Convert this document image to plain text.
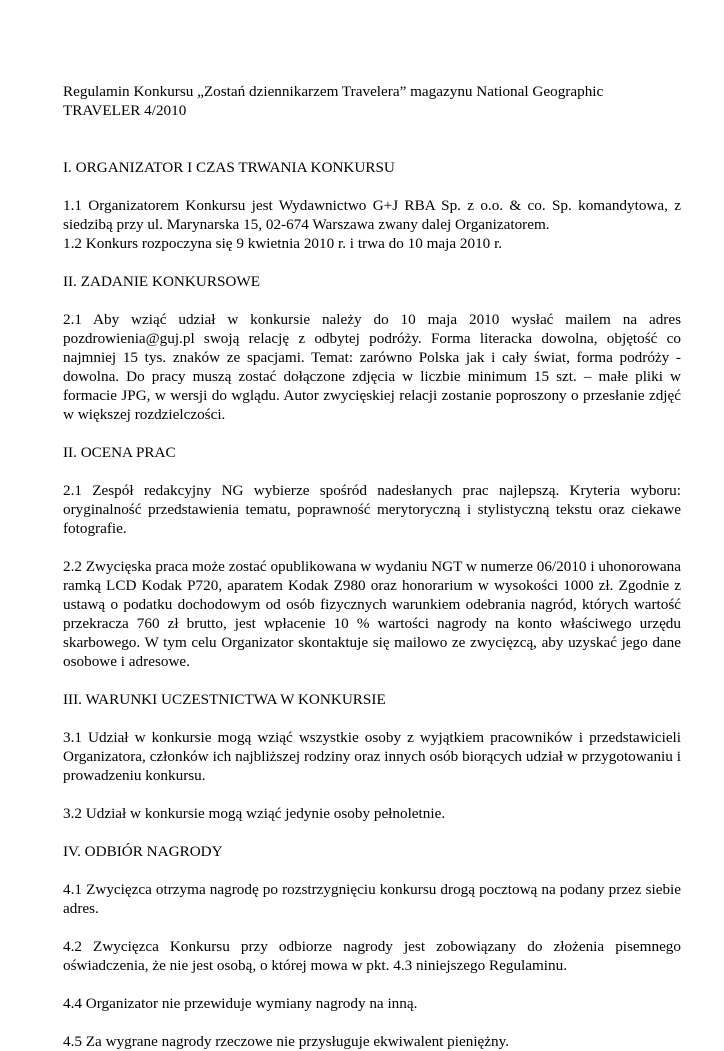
Regulamin Konkursu „Zostań dziennikarzem Travelera” magazynu National Geographic TRAVELER 4/2010

I. ORGANIZATOR I CZAS TRWANIA KONKURSU

1.1 Organizatorem Konkursu jest Wydawnictwo G+J RBA Sp. z o.o. & co. Sp. komandytowa, z siedzibą przy ul. Marynarska 15, 02-674 Warszawa zwany dalej Organizatorem.

1.2 Konkurs rozpoczyna się 9 kwietnia 2010 r. i trwa do 10 maja 2010 r.

II. ZADANIE KONKURSOWE

2.1 Aby wziąć udział w konkursie należy do 10 maja 2010 wysłać mailem na adres pozdrowienia@guj.pl swoją relację z odbytej podróży. Forma literacka dowolna, objętość co najmniej 15 tys. znaków ze spacjami. Temat: zarówno Polska jak i cały świat, forma podróży - dowolna. Do pracy muszą zostać dołączone zdjęcia w liczbie minimum 15 szt. – małe pliki w formacie JPG, w wersji do wglądu. Autor zwycięskiej relacji zostanie poproszony o przesłanie zdjęć w większej rozdzielczości.

II. OCENA PRAC

2.1 Zespół redakcyjny NG wybierze spośród nadesłanych prac najlepszą. Kryteria wyboru: oryginalność przedstawienia tematu, poprawność merytoryczną i stylistyczną tekstu oraz ciekawe fotografie.

2.2 Zwycięska praca może zostać opublikowana w wydaniu NGT w numerze 06/2010 i uhonorowana ramką LCD Kodak P720, aparatem Kodak Z980 oraz honorarium w wysokości 1000 zł. Zgodnie z ustawą o podatku dochodowym od osób fizycznych warunkiem odebrania nagród, których wartość przekracza 760 zł brutto, jest wpłacenie 10 % wartości nagrody na konto właściwego urzędu skarbowego. W tym celu Organizator skontaktuje się mailowo ze zwycięzcą, aby uzyskać jego dane osobowe i adresowe.

III. WARUNKI UCZESTNICTWA W KONKURSIE

3.1 Udział w konkursie mogą wziąć wszystkie osoby z wyjątkiem pracowników i przedstawicieli Organizatora, członków ich najbliższej rodziny oraz innych osób biorących udział w przygotowaniu i prowadzeniu konkursu.

3.2 Udział w konkursie mogą wziąć jedynie osoby pełnoletnie.

IV. ODBIÓR NAGRODY

4.1 Zwycięzca otrzyma nagrodę po rozstrzygnięciu konkursu drogą pocztową na podany przez siebie adres.

4.2 Zwycięzca Konkursu przy odbiorze nagrody jest zobowiązany do złożenia pisemnego oświadczenia, że nie jest osobą, o której mowa w pkt. 4.3 niniejszego Regulaminu.

4.4 Organizator nie przewiduje wymiany nagrody na inną.

4.5 Za wygrane nagrody rzeczowe nie przysługuje ekwiwalent pieniężny.
